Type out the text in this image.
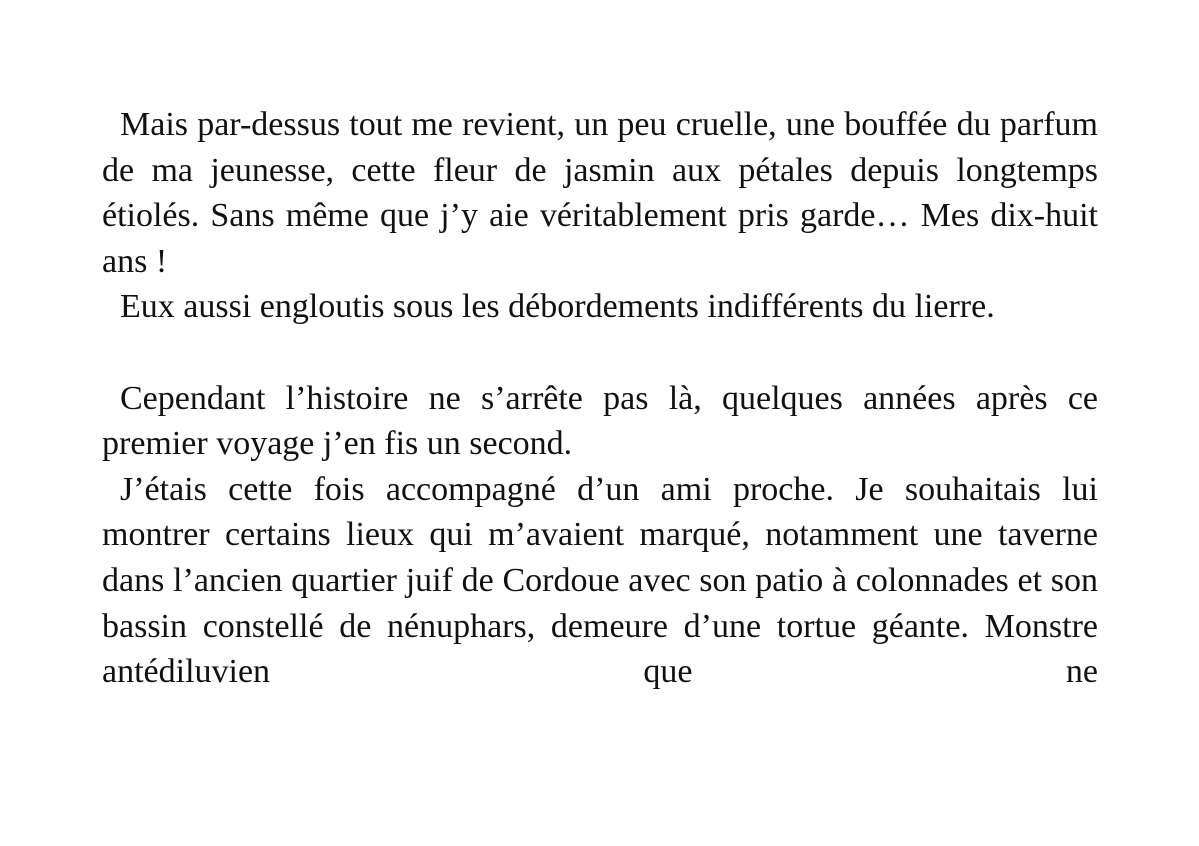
Mais par-dessus tout me revient, un peu cruelle, une bouffée du parfum de ma jeunesse, cette fleur de jasmin aux pétales depuis longtemps étiolés. Sans même que j’y aie véritablement pris garde… Mes dix-huit ans !

Eux aussi engloutis sous les débordements indifférents du lierre.

Cependant l’histoire ne s’arrête pas là, quelques années après ce premier voyage j’en fis un second.

J’étais cette fois accompagné d’un ami proche. Je souhaitais lui montrer certains lieux qui m’avaient marqué, notamment une taverne dans l’ancien quartier juif de Cordoue avec son patio à colonnades et son bassin constellé de nénuphars, demeure d’une tortue géante. Monstre antédiluvien que ne
